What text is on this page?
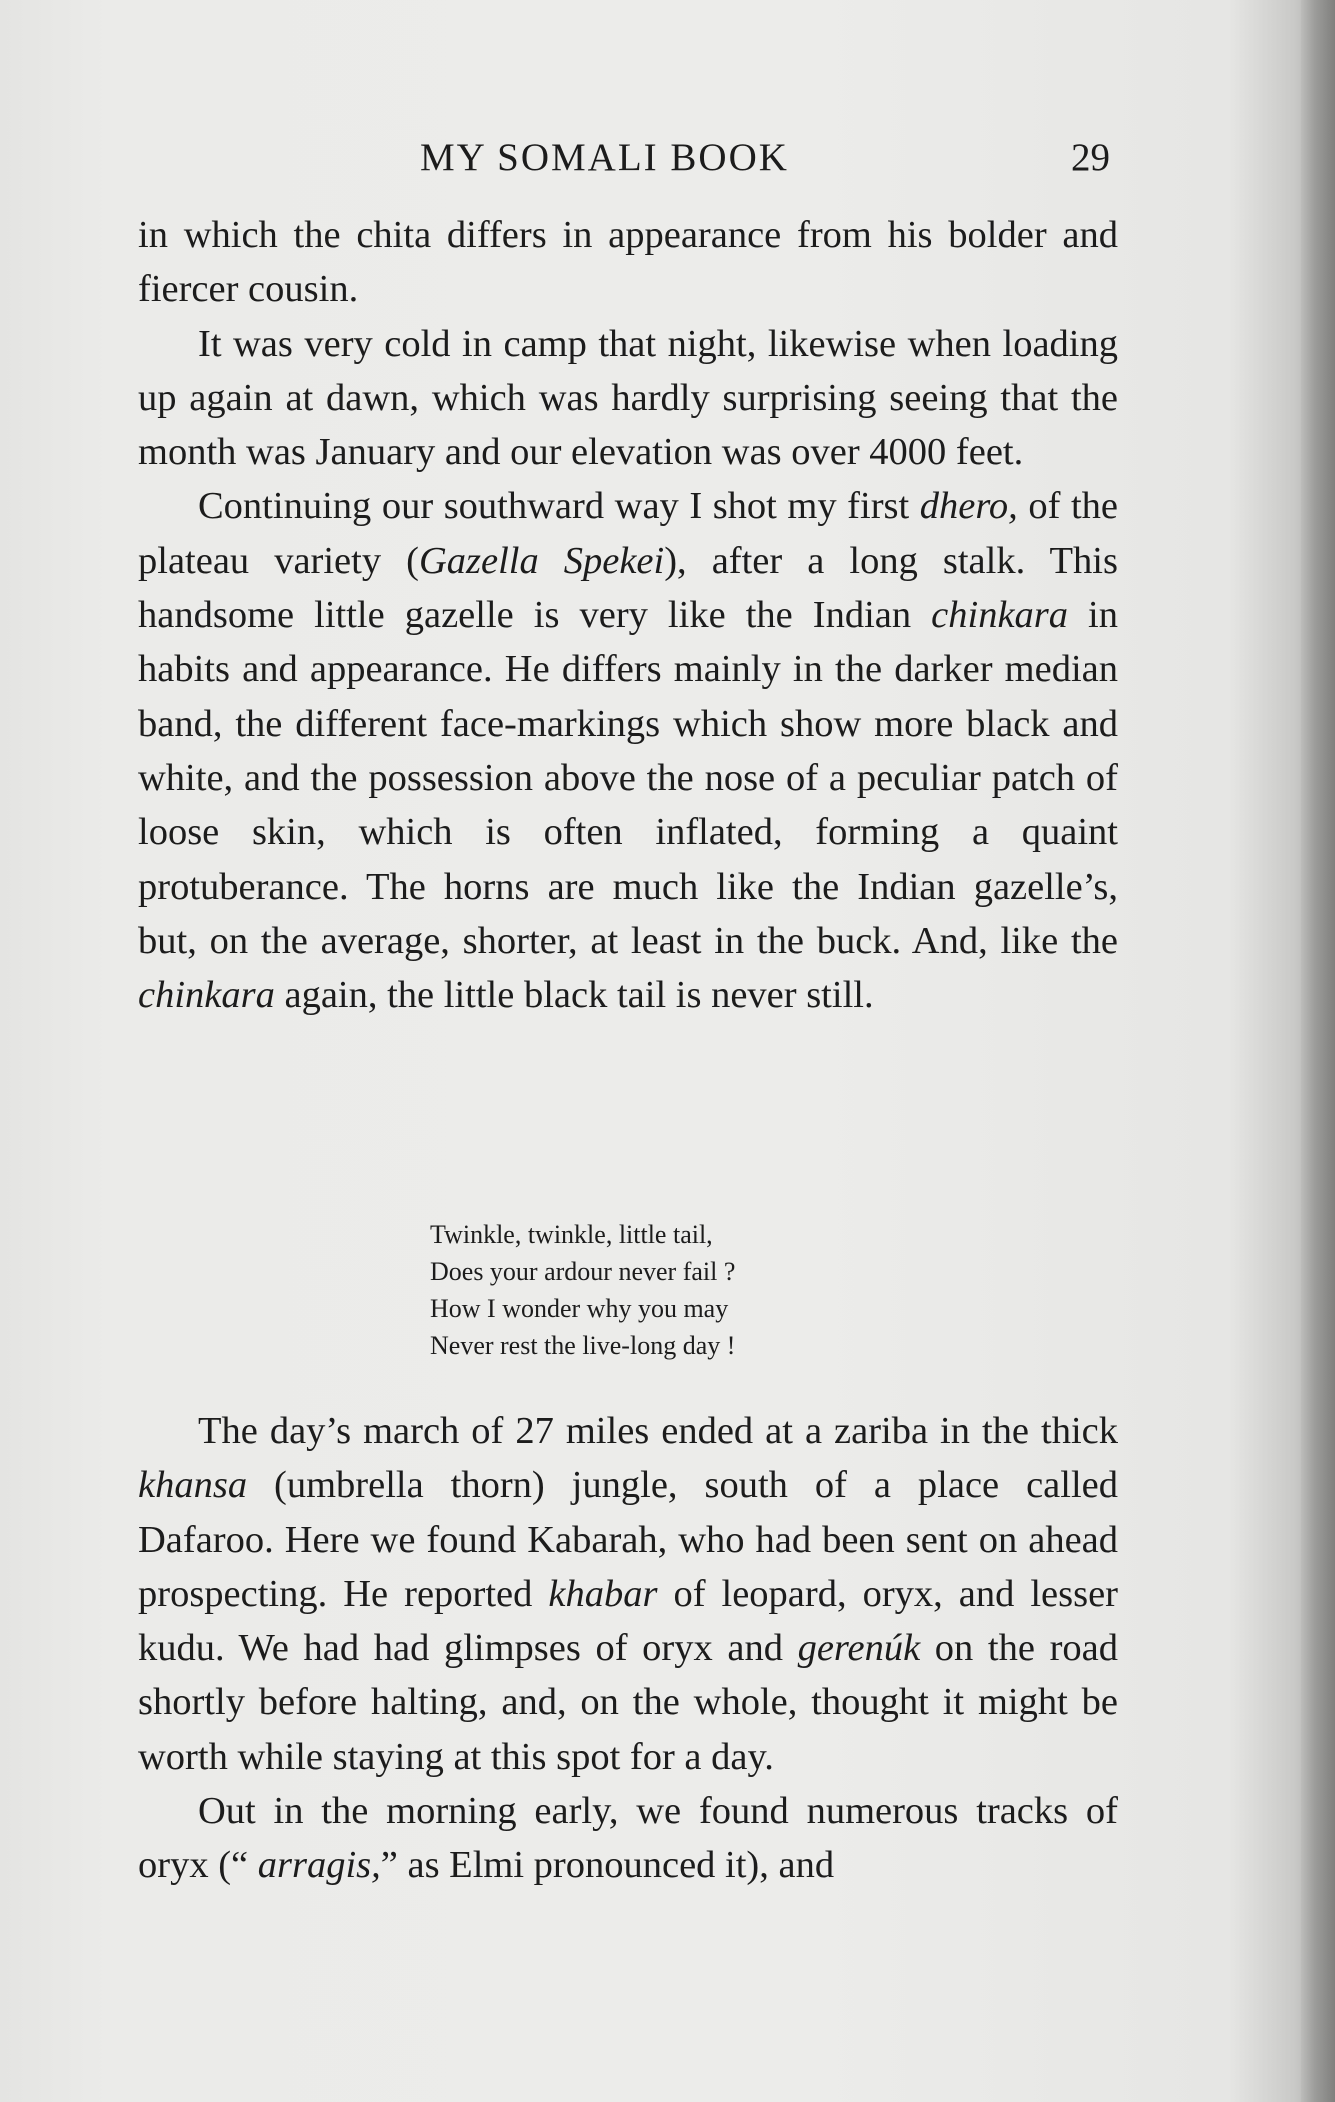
MY SOMALI BOOK	29

in which the chita differs in appearance from his bolder and fiercer cousin.

It was very cold in camp that night, likewise when loading up again at dawn, which was hardly surprising seeing that the month was January and our elevation was over 4000 feet.

Continuing our southward way I shot my first dhero, of the plateau variety (Gazella Spekei), after a long stalk. This handsome little gazelle is very like the Indian chinkara in habits and appearance. He differs mainly in the darker median band, the different face-markings which show more black and white, and the possession above the nose of a peculiar patch of loose skin, which is often inflated, forming a quaint protuberance. The horns are much like the Indian gazelle’s, but, on the average, shorter, at least in the buck. And, like the chinkara again, the little black tail is never still.

Twinkle, twinkle, little tail,
Does your ardour never fail ?
How I wonder why you may
Never rest the live-long day !

The day’s march of 27 miles ended at a zariba in the thick khansa (umbrella thorn) jungle, south of a place called Dafaroo. Here we found Kabarah, who had been sent on ahead prospecting. He reported khabar of leopard, oryx, and lesser kudu. We had had glimpses of oryx and gerenúk on the road shortly before halting, and, on the whole, thought it might be worth while staying at this spot for a day.

Out in the morning early, we found numerous tracks of oryx (“ arragis,” as Elmi pronounced it), and
